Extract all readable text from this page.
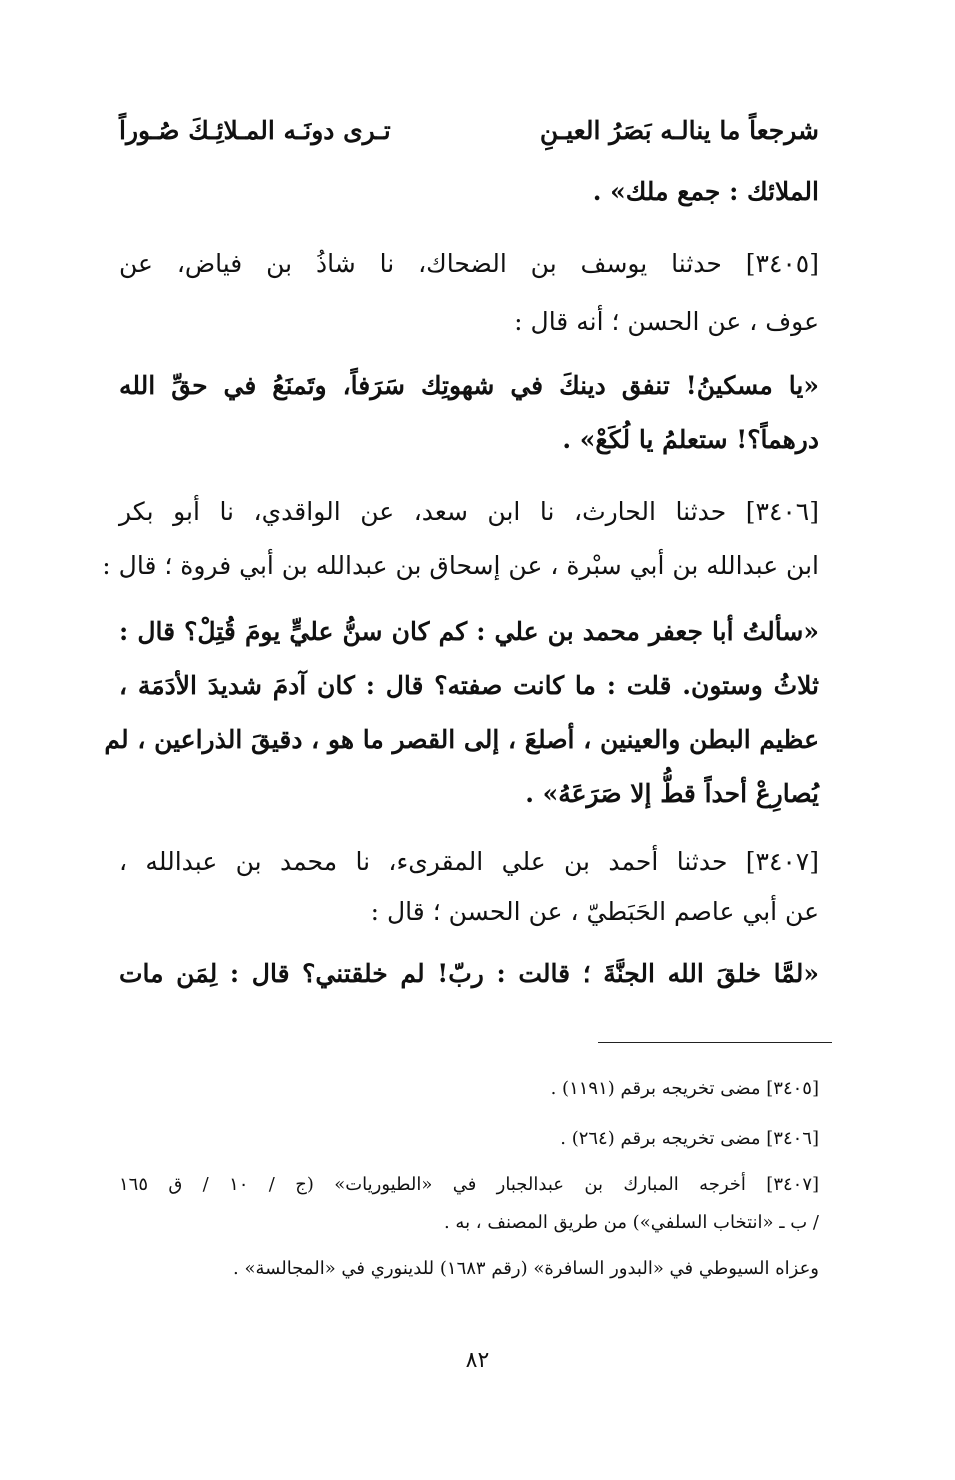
شرجعاً ما ينالـه بَصَرُ العيـنِ
تـرى دونَـه المـلائِـكَ صُـوراً
الملائك : جمع ملك» .
[٣٤٠٥] حدثنا يوسف بن الضحاك، نا شاذُ بن فياض، عن
عوف ، عن الحسن ؛ أنه قال :
«يا مسكينُ! تنفق دينكَ في شهوتِك سَرَفاً، وتَمنَعُ في حقِّ الله
درهماً؟! ستعلمُ يا لُكَعْ» .
[٣٤٠٦] حدثنا الحارث، نا ابن سعد، عن الواقدي، نا أبو بكر
ابن عبدالله بن أبي سبْرة ، عن إسحاق بن عبدالله بن أبي فروة ؛ قال :
«سألتُ أبا جعفر محمد بن علي : كم كان سنُّ عليٍّ يومَ قُتِلْ؟ قال :
ثلاثُ وستون. قلت : ما كانت صفته؟ قال : كان آدمَ شديدَ الأدَمَة ،
عظيم البطن والعينين ، أصلعَ ، إلى القصر ما هو ، دقيقَ الذراعين ، لم
يُصارِعْ أحداً قطُّ إلا صَرَعَهُ» .
[٣٤٠٧] حدثنا أحمد بن علي المقرىء، نا محمد بن عبدالله ،
عن أبي عاصم الحَبَطيّ ، عن الحسن ؛ قال :
«لمَّا خلقَ الله الجنَّةَ ؛ قالت : ربّ! لم خلقتني؟ قال : لِمَن مات
[٣٤٠٥] مضى تخريجه برقم (١١٩١) .
[٣٤٠٦] مضى تخريجه برقم (٢٦٤) .
[٣٤٠٧] أخرجه المبارك بن عبدالجبار في «الطيوريات» (ج / ١٠ / ق ١٦٥
/ ب ـ «انتخاب السلفي») من طريق المصنف ، به .
وعزاه السيوطي في «البدور السافرة» (رقم ١٦٨٣) للدينوري في «المجالسة» .
٨٢
